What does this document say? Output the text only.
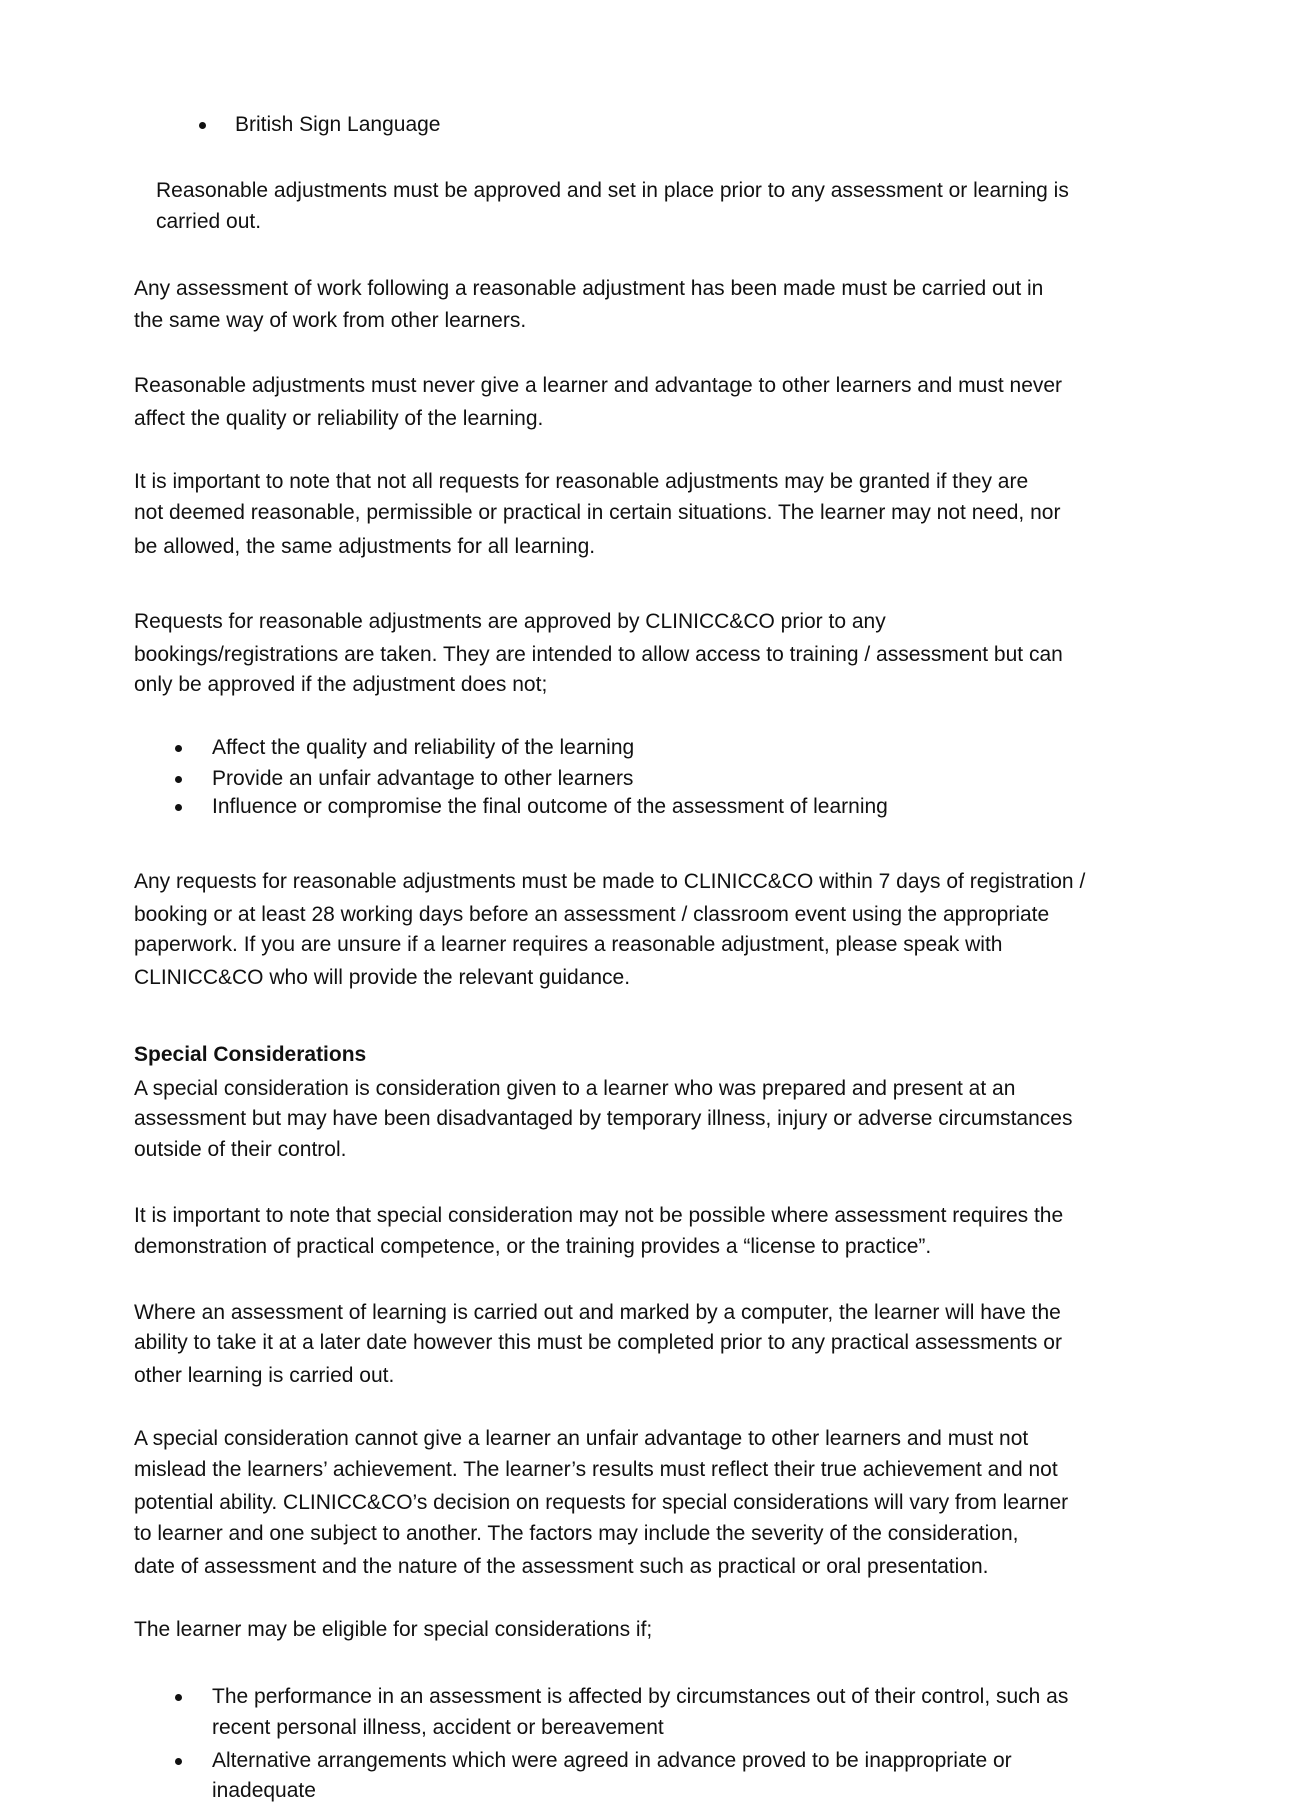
British Sign Language
Reasonable adjustments must be approved and set in place prior to any assessment or learning is
carried out.
Any assessment of work following a reasonable adjustment has been made must be carried out in
the same way of work from other learners.
Reasonable adjustments must never give a learner and advantage to other learners and must never
affect the quality or reliability of the learning.
It is important to note that not all requests for reasonable adjustments may be granted if they are
not deemed reasonable, permissible or practical in certain situations. The learner may not need, nor
be allowed, the same adjustments for all learning.
Requests for reasonable adjustments are approved by CLINICC&CO prior to any
bookings/registrations are taken. They are intended to allow access to training / assessment but can
only be approved if the adjustment does not;
Affect the quality and reliability of the learning
Provide an unfair advantage to other learners
Influence or compromise the final outcome of the assessment of learning
Any requests for reasonable adjustments must be made to CLINICC&CO within 7 days of registration /
booking or at least 28 working days before an assessment / classroom event using the appropriate
paperwork. If you are unsure if a learner requires a reasonable adjustment, please speak with
CLINICC&CO who will provide the relevant guidance.
Special Considerations
A special consideration is consideration given to a learner who was prepared and present at an
assessment but may have been disadvantaged by temporary illness, injury or adverse circumstances
outside of their control.
It is important to note that special consideration may not be possible where assessment requires the
demonstration of practical competence, or the training provides a “license to practice”.
Where an assessment of learning is carried out and marked by a computer, the learner will have the
ability to take it at a later date however this must be completed prior to any practical assessments or
other learning is carried out.
A special consideration cannot give a learner an unfair advantage to other learners and must not
mislead the learners’ achievement. The learner’s results must reflect their true achievement and not
potential ability. CLINICC&CO’s decision on requests for special considerations will vary from learner
to learner and one subject to another. The factors may include the severity of the consideration,
date of assessment and the nature of the assessment such as practical or oral presentation.
The learner may be eligible for special considerations if;
The performance in an assessment is affected by circumstances out of their control, such as
recent personal illness, accident or bereavement
Alternative arrangements which were agreed in advance proved to be inappropriate or
inadequate
